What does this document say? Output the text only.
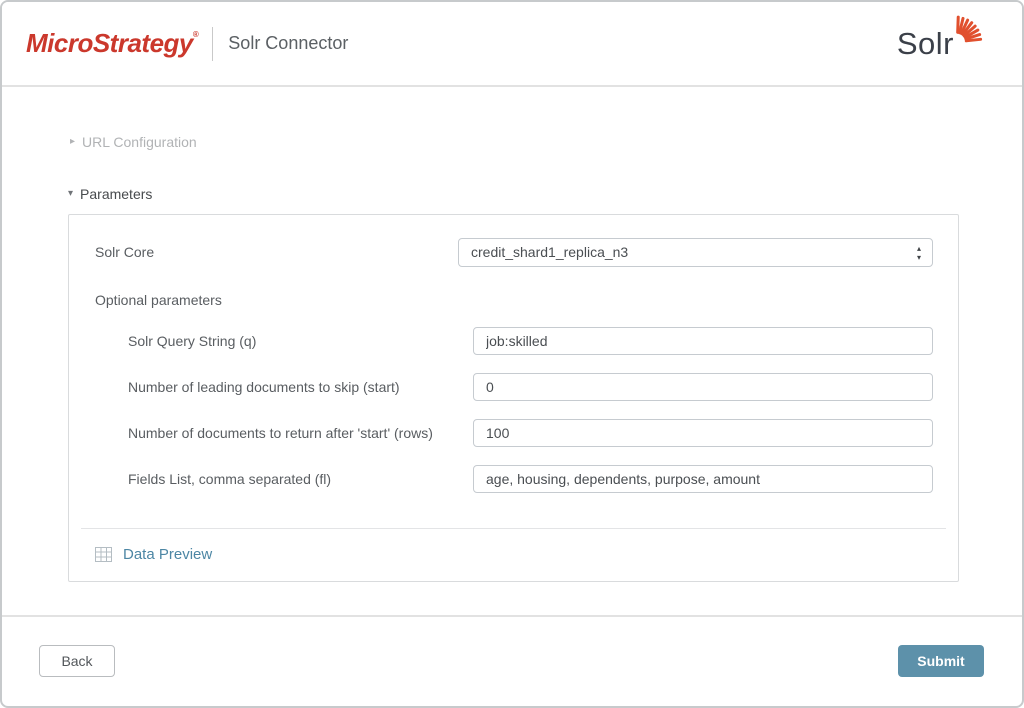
MicroStrategy® Solr Connector	Solr
▸ URL Configuration
▾ Parameters
Solr Core	credit_shard1_replica_n3	▴
▾
Optional parameters
Solr Query String (q)
job:skilled
Number of leading documents to skip (start)
0
Number of documents to return after 'start' (rows)
100
Fields List, comma separated (fl)
age, housing, dependents, purpose, amount
Data Preview
Back	Submit
